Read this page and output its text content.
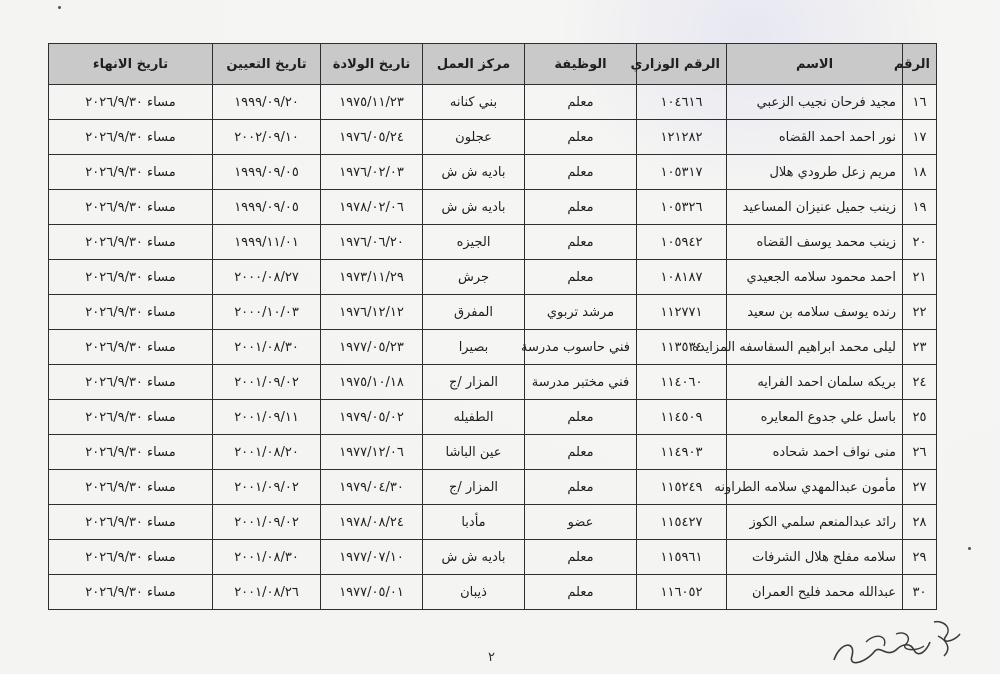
الرقم	الاسم	الرقم الوزاري	الوظيفة	مركز العمل	تاريخ الولادة	تاريخ التعيين	تاريخ الانهاء
١٦	مجيد فرحان نجيب الزعبي	١٠٤٦١٦	معلم	بني كنانه	١٩٧٥/١١/٢٣	١٩٩٩/٠٩/٢٠	مساء ٢٠٢٦/٩/٣٠
١٧	نور احمد احمد القضاه	١٢١٢٨٢	معلم	عجلون	١٩٧٦/٠٥/٢٤	٢٠٠٢/٠٩/١٠	مساء ٢٠٢٦/٩/٣٠
١٨	مريم زعل طرودي هلال	١٠٥٣١٧	معلم	باديه ش ش	١٩٧٦/٠٢/٠٣	١٩٩٩/٠٩/٠٥	مساء ٢٠٢٦/٩/٣٠
١٩	زينب جميل عنيزان المساعيد	١٠٥٣٢٦	معلم	باديه ش ش	١٩٧٨/٠٢/٠٦	١٩٩٩/٠٩/٠٥	مساء ٢٠٢٦/٩/٣٠
٢٠	زينب محمد يوسف القضاه	١٠٥٩٤٢	معلم	الجيزه	١٩٧٦/٠٦/٢٠	١٩٩٩/١١/٠١	مساء ٢٠٢٦/٩/٣٠
٢١	احمد محمود سلامه الجعيدي	١٠٨١٨٧	معلم	جرش	١٩٧٣/١١/٢٩	٢٠٠٠/٠٨/٢٧	مساء ٢٠٢٦/٩/٣٠
٢٢	رنده يوسف سلامه بن سعيد	١١٢٧٧١	مرشد تربوي	المفرق	١٩٧٦/١٢/١٢	٢٠٠٠/١٠/٠٣	مساء ٢٠٢٦/٩/٣٠
٢٣	ليلى محمد ابراهيم السفاسفه المزايده	١١٣٥٣٤	فني حاسوب مدرسة	بصيرا	١٩٧٧/٠٥/٢٣	٢٠٠١/٠٨/٣٠	مساء ٢٠٢٦/٩/٣٠
٢٤	بريكه سلمان احمد الفرايه	١١٤٠٦٠	فني مختبر مدرسة	المزار /ج	١٩٧٥/١٠/١٨	٢٠٠١/٠٩/٠٢	مساء ٢٠٢٦/٩/٣٠
٢٥	باسل علي جدوع المعايره	١١٤٥٠٩	معلم	الطفيله	١٩٧٩/٠٥/٠٢	٢٠٠١/٠٩/١١	مساء ٢٠٢٦/٩/٣٠
٢٦	منى نواف احمد شحاده	١١٤٩٠٣	معلم	عين الباشا	١٩٧٧/١٢/٠٦	٢٠٠١/٠٨/٢٠	مساء ٢٠٢٦/٩/٣٠
٢٧	مأمون عبدالمهدي سلامه الطراونه	١١٥٢٤٩	معلم	المزار /ج	١٩٧٩/٠٤/٣٠	٢٠٠١/٠٩/٠٢	مساء ٢٠٢٦/٩/٣٠
٢٨	رائد عبدالمنعم سلمي الكوز	١١٥٤٢٧	عضو	مأدبا	١٩٧٨/٠٨/٢٤	٢٠٠١/٠٩/٠٢	مساء ٢٠٢٦/٩/٣٠
٢٩	سلامه مفلح هلال الشرفات	١١٥٩٦١	معلم	باديه ش ش	١٩٧٧/٠٧/١٠	٢٠٠١/٠٨/٣٠	مساء ٢٠٢٦/٩/٣٠
٣٠	عبدالله محمد فليح العمران	١١٦٠٥٢	معلم	ذيبان	١٩٧٧/٠٥/٠١	٢٠٠١/٠٨/٢٦	مساء ٢٠٢٦/٩/٣٠
٢
